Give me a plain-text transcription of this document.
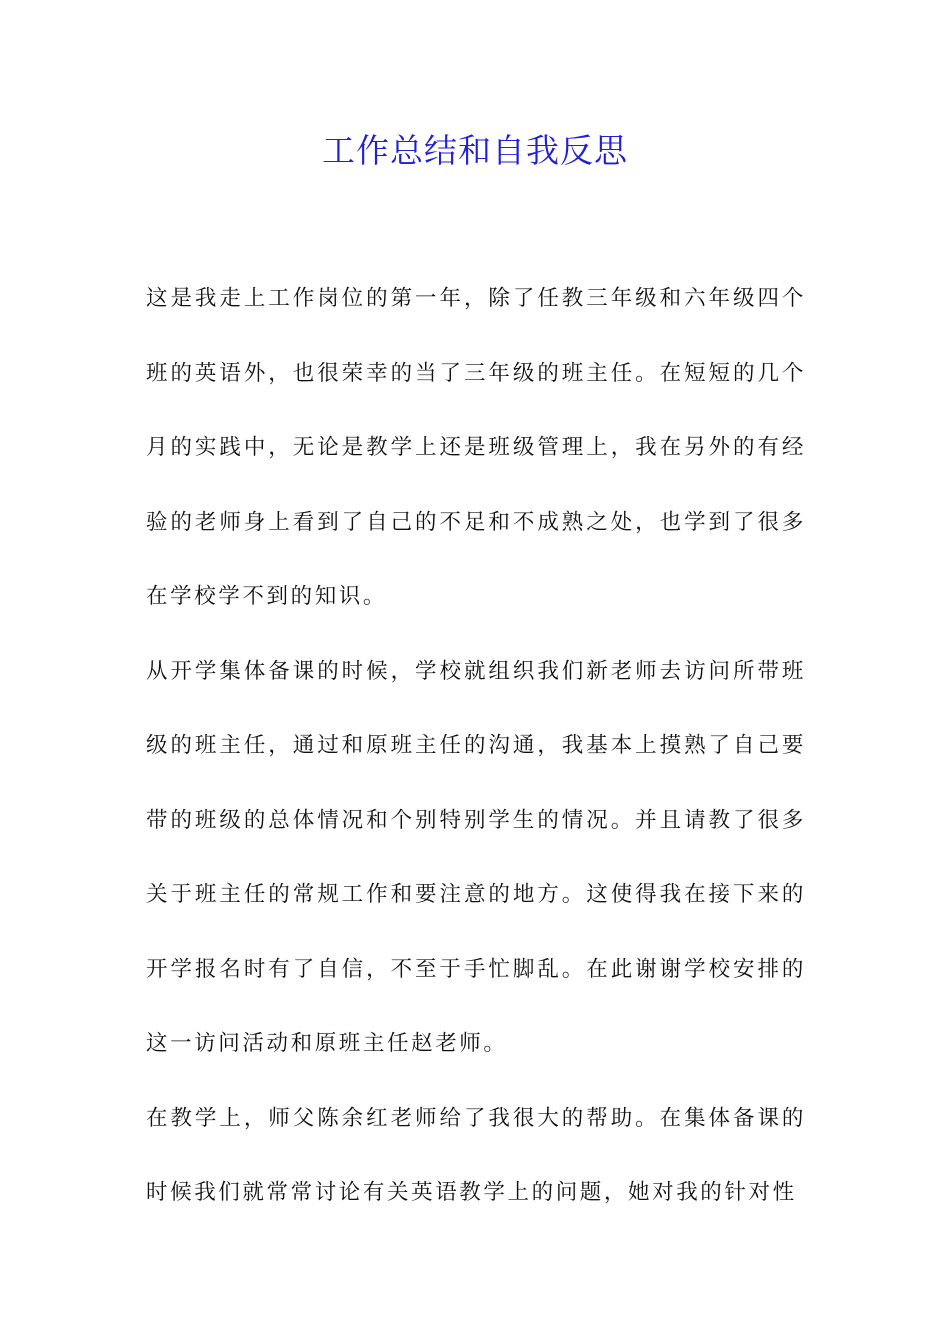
工作总结和自我反思

这是我走上工作岗位的第一年，除了任教三年级和六年级四个班的英语外，也很荣幸的当了三年级的班主任。在短短的几个月的实践中，无论是教学上还是班级管理上，我在另外的有经验的老师身上看到了自己的不足和不成熟之处，也学到了很多在学校学不到的知识。

从开学集体备课的时候，学校就组织我们新老师去访问所带班级的班主任，通过和原班主任的沟通，我基本上摸熟了自己要带的班级的总体情况和个别特别学生的情况。并且请教了很多关于班主任的常规工作和要注意的地方。这使得我在接下来的开学报名时有了自信，不至于手忙脚乱。在此谢谢学校安排的这一访问活动和原班主任赵老师。

在教学上，师父陈余红老师给了我很大的帮助。在集体备课的时候我们就常常讨论有关英语教学上的问题，她对我的针对性
